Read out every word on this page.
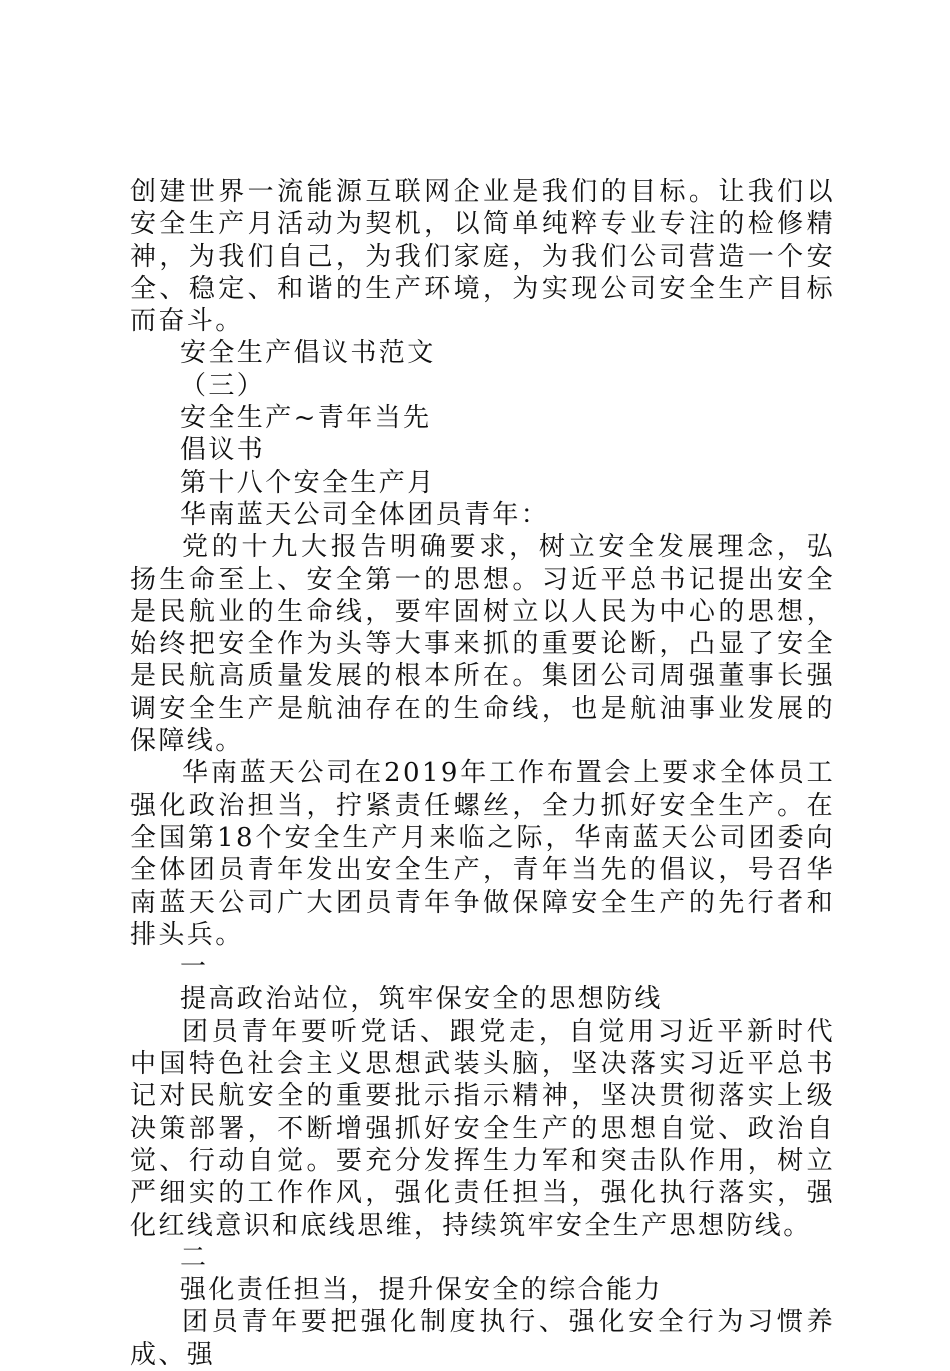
创建世界一流能源互联网企业是我们的目标。让我们以安全生产月活动为契机，以简单纯粹专业专注的检修精神，为我们自己，为我们家庭，为我们公司营造一个安全、稳定、和谐的生产环境，为实现公司安全生产目标而奋斗。

安全生产倡议书范文

（三）

安全生产~青年当先

倡议书

第十八个安全生产月

华南蓝天公司全体团员青年：

党的十九大报告明确要求，树立安全发展理念，弘扬生命至上、安全第一的思想。习近平总书记提出安全是民航业的生命线，要牢固树立以人民为中心的思想，始终把安全作为头等大事来抓的重要论断，凸显了安全是民航高质量发展的根本所在。集团公司周强董事长强调安全生产是航油存在的生命线，也是航油事业发展的保障线。

华南蓝天公司在2019年工作布置会上要求全体员工强化政治担当，拧紧责任螺丝，全力抓好安全生产。在全国第18个安全生产月来临之际，华南蓝天公司团委向全体团员青年发出安全生产，青年当先的倡议，号召华南蓝天公司广大团员青年争做保障安全生产的先行者和排头兵。

一

提高政治站位，筑牢保安全的思想防线

团员青年要听党话、跟党走，自觉用习近平新时代中国特色社会主义思想武装头脑，坚决落实习近平总书记对民航安全的重要批示指示精神，坚决贯彻落实上级决策部署，不断增强抓好安全生产的思想自觉、政治自觉、行动自觉。要充分发挥生力军和突击队作用，树立严细实的工作作风，强化责任担当，强化执行落实，强化红线意识和底线思维，持续筑牢安全生产思想防线。

二

强化责任担当，提升保安全的综合能力

团员青年要把强化制度执行、强化安全行为习惯养成、强
